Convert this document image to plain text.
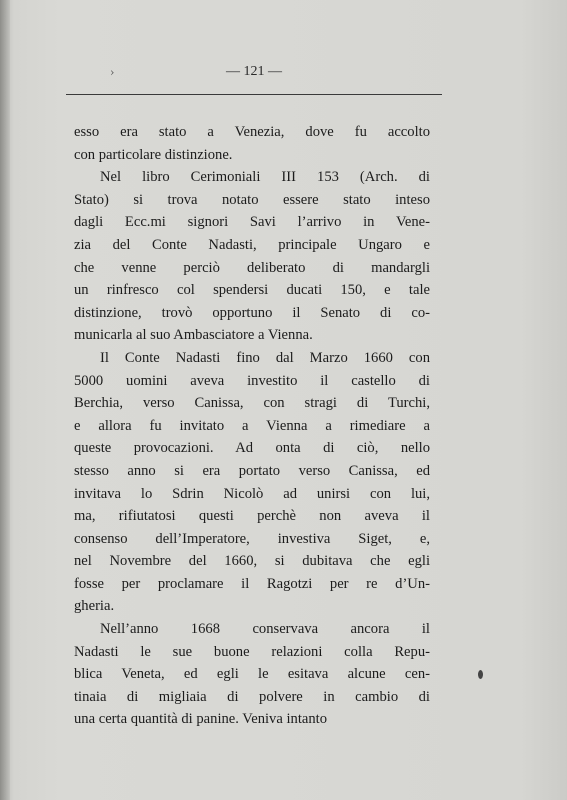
›	— 121 —
esso era stato a Venezia, dove fu accolto
con particolare distinzione.
Nel libro Cerimoniali III 153 (Arch. di
Stato) si trova notato essere stato inteso
dagli Ecc.mi signori Savi l’arrivo in Vene-
zia del Conte Nadasti, principale Ungaro e
che venne perciò deliberato di mandargli
un rinfresco col spendersi ducati 150, e tale
distinzione, trovò opportuno il Senato di co-
municarla al suo Ambasciatore a Vienna.
Il Conte Nadasti fino dal Marzo 1660 con
5000 uomini aveva investito il castello di
Berchia, verso Canissa, con stragi di Turchi,
e allora fu invitato a Vienna a rimediare a
queste provocazioni. Ad onta di ciò, nello
stesso anno si era portato verso Canissa, ed
invitava lo Sdrin Nicolò ad unirsi con lui,
ma, rifiutatosi questi perchè non aveva il
consenso dell’Imperatore, investiva Siget, e,
nel Novembre del 1660, si dubitava che egli
fosse per proclamare il Ragotzi per re d’Un-
gheria.
Nell’anno 1668 conservava ancora il
Nadasti le sue buone relazioni colla Repu-
blica Veneta, ed egli le esitava alcune cen-
tinaia di migliaia di polvere in cambio di
una certa quantità di panine. Veniva intanto
